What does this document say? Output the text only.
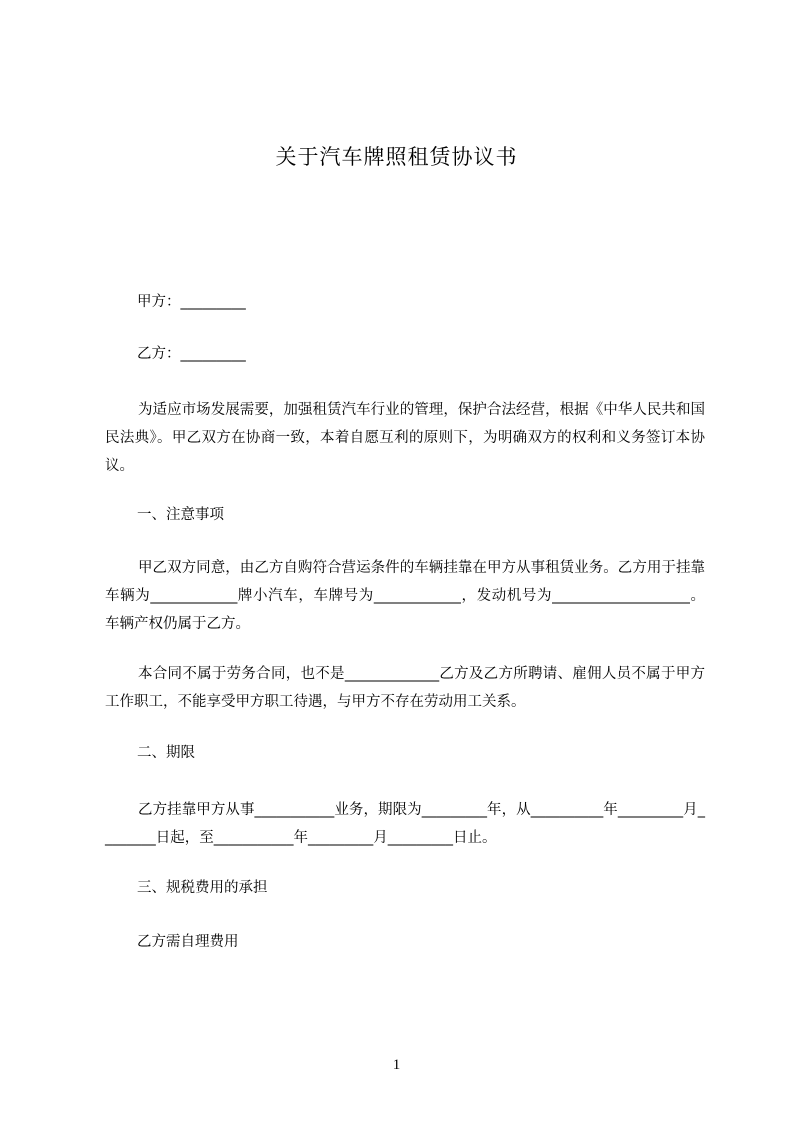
关于汽车牌照租赁协议书
甲方：_________
乙方：_________
为适应市场发展需要，加强租赁汽车行业的管理，保护合法经营，根据《中华人民共和国民法典》。甲乙双方在协商一致，本着自愿互利的原则下，为明确双方的权利和义务签订本协议。
一、注意事项
甲乙双方同意，由乙方自购符合营运条件的车辆挂靠在甲方从事租赁业务。乙方用于挂靠车辆为____________牌小汽车，车牌号为____________，发动机号为___________________。车辆产权仍属于乙方。
本合同不属于劳务合同，也不是_____________乙方及乙方所聘请、雇佣人员不属于甲方工作职工，不能享受甲方职工待遇，与甲方不存在劳动用工关系。
二、期限
乙方挂靠甲方从事___________业务，期限为_________年，从__________年_________月________日起，至___________年_________月_________日止。
三、规税费用的承担
乙方需自理费用
1
